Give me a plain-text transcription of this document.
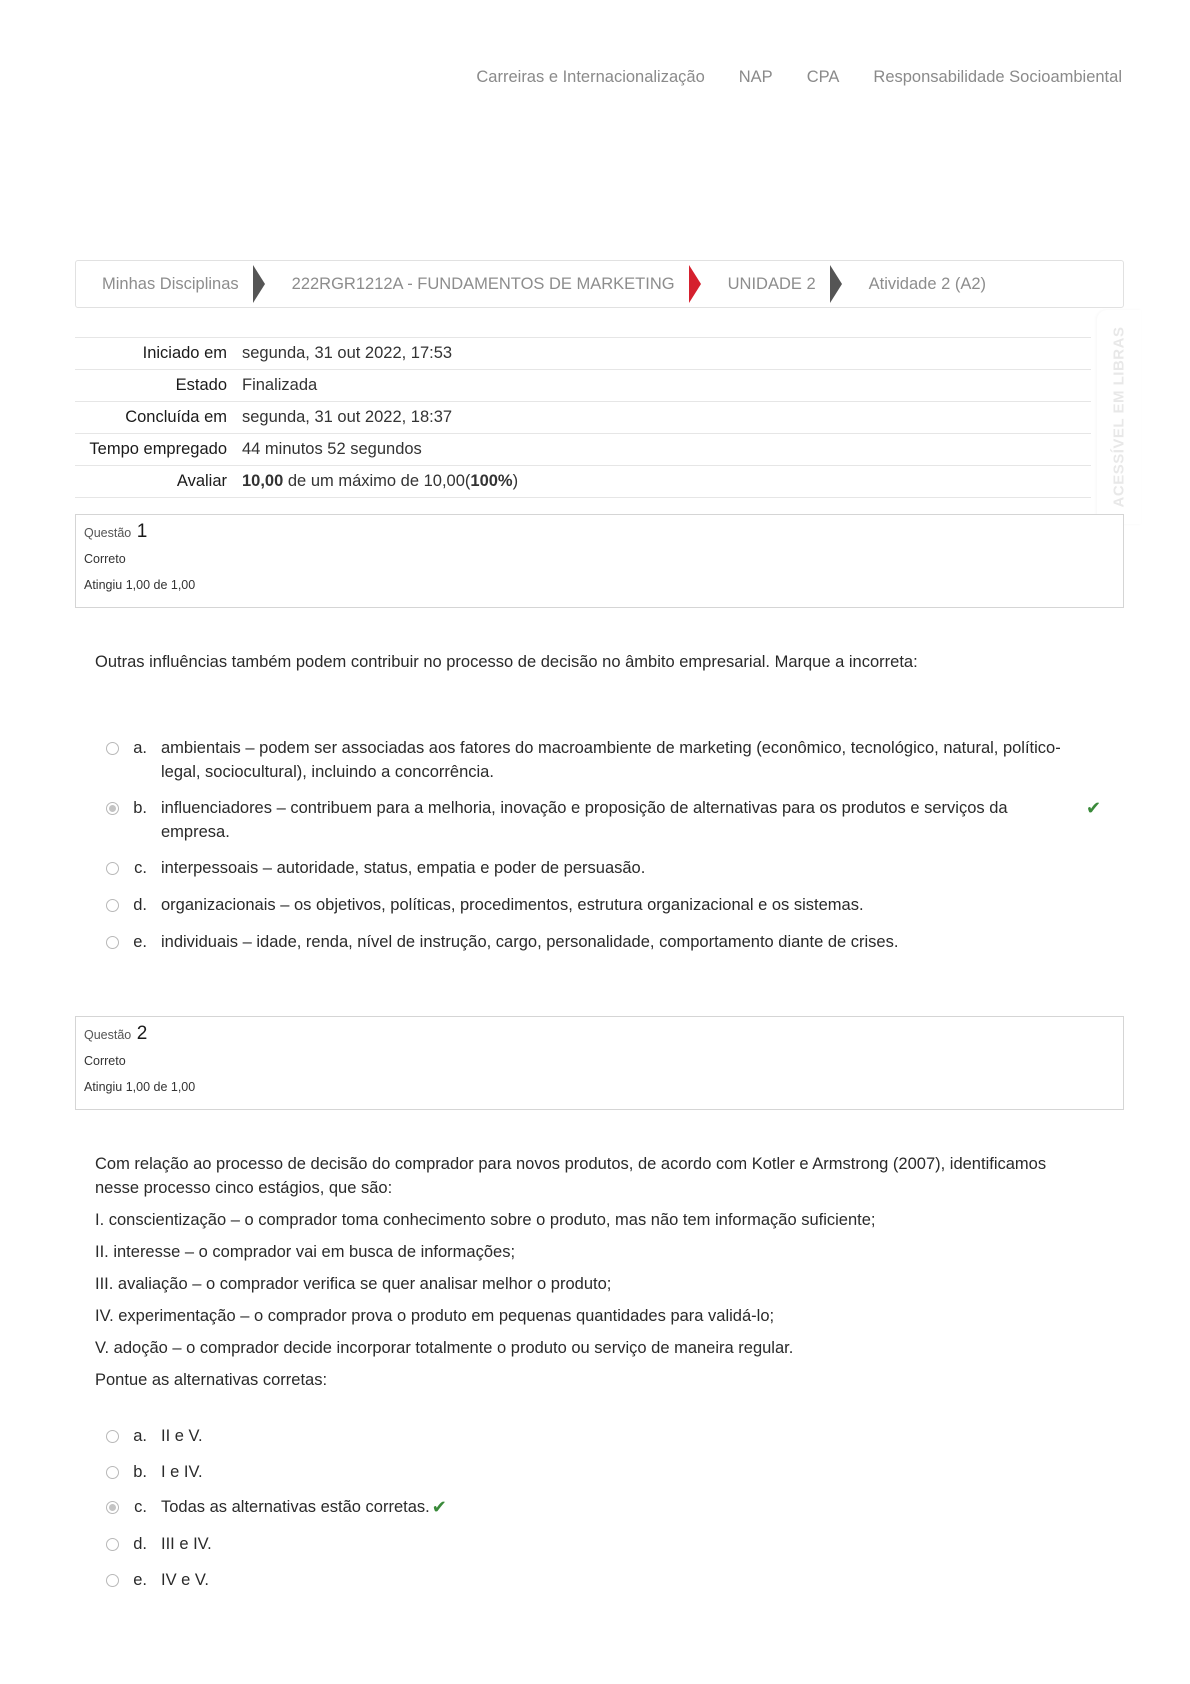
Carreiras e Internacionalização NAP CPA Responsabilidade Socioambiental
Minhas Disciplinas	222RGR1212A - FUNDAMENTOS DE MARKETING	UNIDADE 2	Atividade 2 (A2)
ACESSÍVEL EM LIBRAS
Iniciado em	segunda, 31 out 2022, 17:53
Estado	Finalizada
Concluída em	segunda, 31 out 2022, 18:37
Tempo empregado	44 minutos 52 segundos
Avaliar	10,00 de um máximo de 10,00(100%)
Questão 1
Correto
Atingiu 1,00 de 1,00

Outras influências também podem contribuir no processo de decisão no âmbito empresarial. Marque a incorreta:

a. ambientais – podem ser associadas aos fatores do macroambiente de marketing (econômico, tecnológico, natural, político-legal, sociocultural), incluindo a concorrência.
b. influenciadores – contribuem para a melhoria, inovação e proposição de alternativas para os produtos e serviços da empresa.
✔
c. interpessoais – autoridade, status, empatia e poder de persuasão.
d. organizacionais – os objetivos, políticas, procedimentos, estrutura organizacional e os sistemas.
e. individuais – idade, renda, nível de instrução, cargo, personalidade, comportamento diante de crises.
Questão 2
Correto
Atingiu 1,00 de 1,00

Com relação ao processo de decisão do comprador para novos produtos, de acordo com Kotler e Armstrong (2007), identificamos nesse processo cinco estágios, que são:

I. conscientização – o comprador toma conhecimento sobre o produto, mas não tem informação suficiente;

II. interesse – o comprador vai em busca de informações;

III. avaliação – o comprador verifica se quer analisar melhor o produto;

IV. experimentação – o comprador prova o produto em pequenas quantidades para validá-lo;

V. adoção – o comprador decide incorporar totalmente o produto ou serviço de maneira regular.

Pontue as alternativas corretas:

a. II e V.
b. I e IV.
c. Todas as alternativas estão corretas. ✔
d. III e IV.
e. IV e V.
